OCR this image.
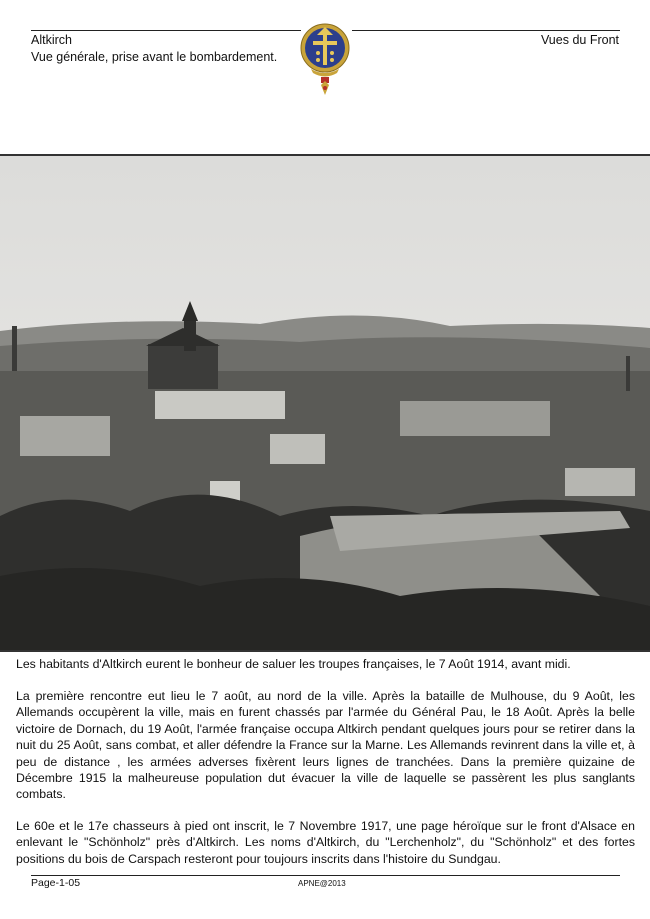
Altkirch
Vue générale, prise avant le bombardement.
Vues du Front

Les habitants d'Altkirch eurent le bonheur de saluer les troupes françaises, le 7 Août 1914, avant midi.

La première rencontre eut lieu le 7 août, au nord de la ville. Après la bataille de Mulhouse, du 9 Août, les Allemands occupèrent la ville, mais en furent chassés par l'armée du Général Pau, le 18 Août. Après la belle victoire de Dornach, du 19 Août, l'armée française occupa Altkirch pendant quelques jours pour se retirer dans la nuit du 25 Août, sans combat, et aller défendre la France sur la Marne. Les Allemands revinrent dans la ville et, à peu de distance , les armées adverses fixèrent leurs lignes de tranchées. Dans la première quizaine de Décembre 1915 la malheureuse population dut évacuer la ville de laquelle se passèrent les plus sanglants combats.

Le 60e et le 17e chasseurs à pied ont inscrit, le 7 Novembre 1917, une page héroïque sur le front d'Alsace en enlevant le "Schönholz" près d'Altkirch. Les noms d'Altkirch, du "Lerchenholz", du "Schönholz" et des fortes positions du bois de Carspach resteront pour toujours inscrits dans l'histoire du Sundgau.

Page-1-05	APNE@2013
